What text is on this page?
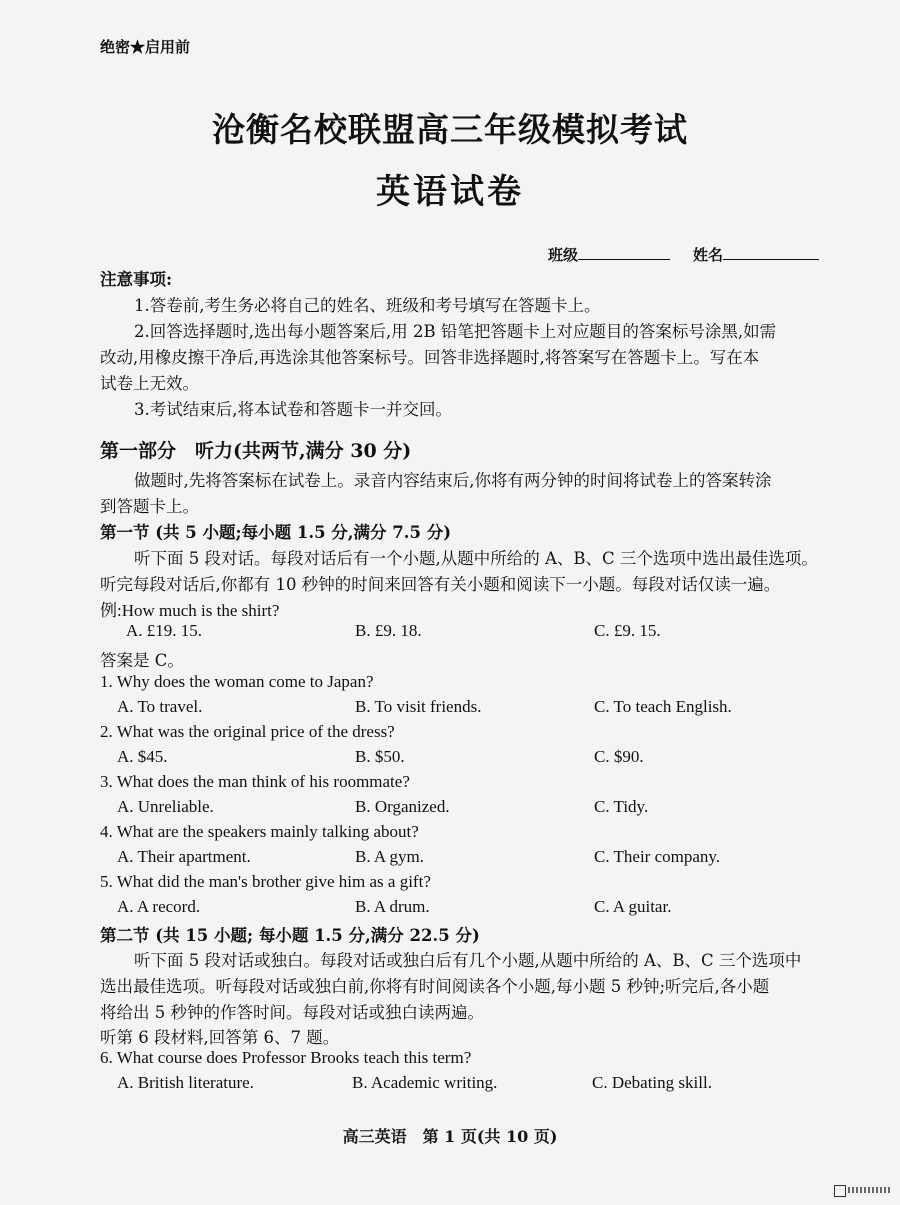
绝密★启用前
沧衡名校联盟高三年级模拟考试
英语试卷
班级	姓名
注意事项:
1.答卷前,考生务必将自己的姓名、班级和考号填写在答题卡上。
2.回答选择题时,选出每小题答案后,用 2B 铅笔把答题卡上对应题目的答案标号涂黑,如需
改动,用橡皮擦干净后,再选涂其他答案标号。回答非选择题时,将答案写在答题卡上。写在本
试卷上无效。
3.考试结束后,将本试卷和答题卡一并交回。
第一部分　听力(共两节,满分 30 分)
做题时,先将答案标在试卷上。录音内容结束后,你将有两分钟的时间将试卷上的答案转涂
到答题卡上。
第一节 (共 5 小题;每小题 1.5 分,满分 7.5 分)
听下面 5 段对话。每段对话后有一个小题,从题中所给的 A、B、C 三个选项中选出最佳选项。
听完每段对话后,你都有 10 秒钟的时间来回答有关小题和阅读下一小题。每段对话仅读一遍。
例:How much is the shirt?
A. £19. 15.	B. £9. 18.	C. £9. 15.
答案是 C。
1. Why does the woman come to Japan?
A. To travel.	B. To visit friends.	C. To teach English.
2. What was the original price of the dress?
A. $45.	B. $50.	C. $90.
3. What does the man think of his roommate?
A. Unreliable.	B. Organized.	C. Tidy.
4. What are the speakers mainly talking about?
A. Their apartment.	B. A gym.	C. Their company.
5. What did the man's brother give him as a gift?
A. A record.	B. A drum.	C. A guitar.
第二节 (共 15 小题; 每小题 1.5 分,满分 22.5 分)
听下面 5 段对话或独白。每段对话或独白后有几个小题,从题中所给的 A、B、C 三个选项中
选出最佳选项。听每段对话或独白前,你将有时间阅读各个小题,每小题 5 秒钟;听完后,各小题
将给出 5 秒钟的作答时间。每段对话或独白读两遍。
听第 6 段材料,回答第 6、7 题。
6. What course does Professor Brooks teach this term?
A. British literature.	B. Academic writing.	C. Debating skill.
高三英语　第 1 页(共 10 页)
